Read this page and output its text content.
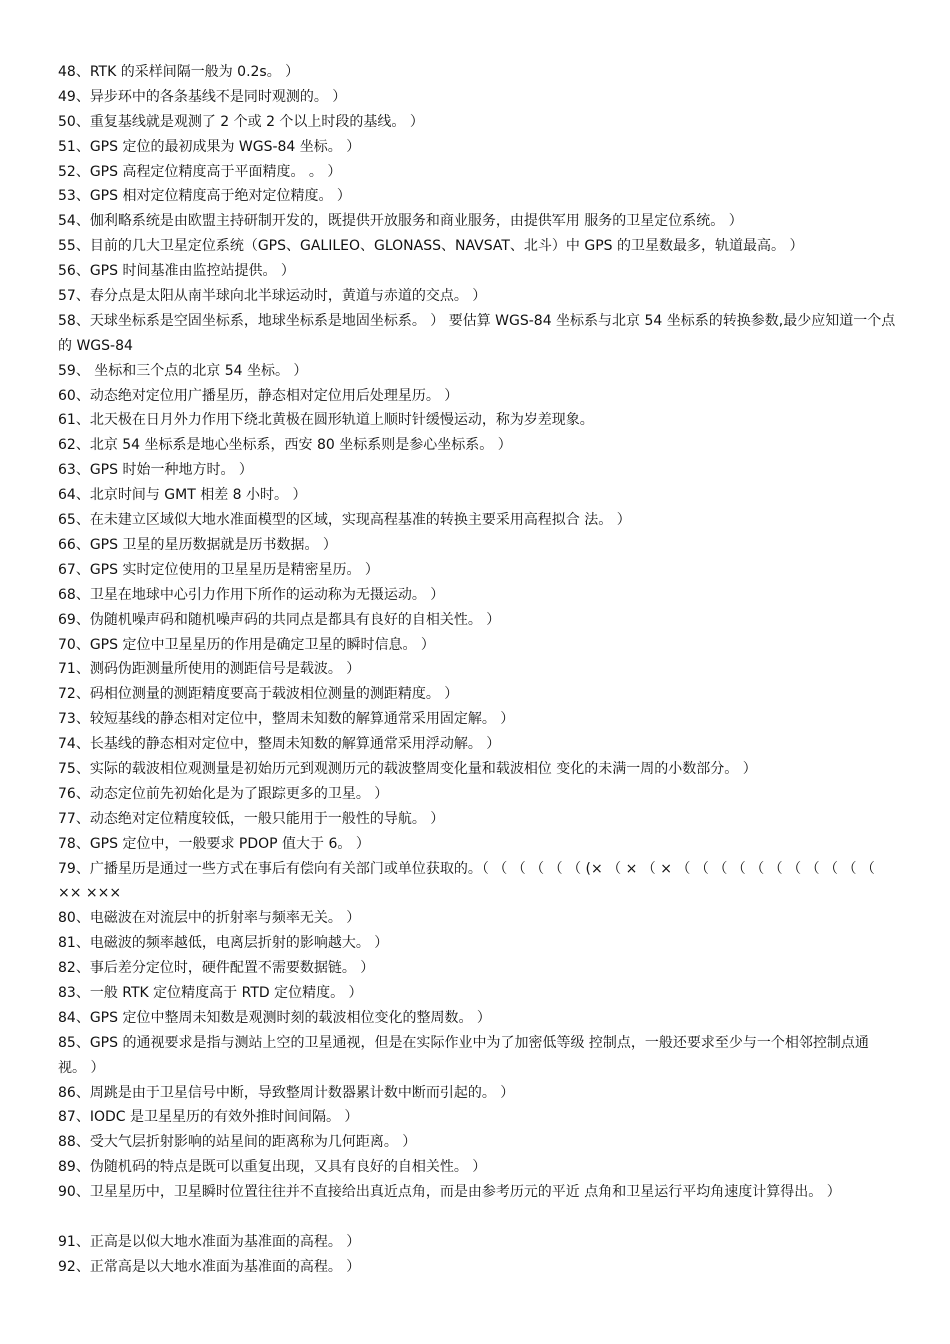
48、RTK 的采样间隔一般为 0.2s。 ）
49、异步环中的各条基线不是同时观测的。 ）
50、重复基线就是观测了 2 个或 2 个以上时段的基线。 ）
51、GPS 定位的最初成果为 WGS-84 坐标。 ）
52、GPS 高程定位精度高于平面精度。 。 ）
53、GPS 相对定位精度高于绝对定位精度。 ）
54、伽利略系统是由欧盟主持研制开发的，既提供开放服务和商业服务，由提供军用 服务的卫星定位系统。 ）
55、目前的几大卫星定位系统（GPS、GALILEO、GLONASS、NAVSAT、北斗）中 GPS 的卫星数最多，轨道最高。 ）
56、GPS 时间基准由监控站提供。 ）
57、春分点是太阳从南半球向北半球运动时，黄道与赤道的交点。 ）
58、天球坐标系是空固坐标系，地球坐标系是地固坐标系。 ） 要估算 WGS-84 坐标系与北京 54 坐标系的转换参数,最少应知道一个点的 WGS-84
59、 坐标和三个点的北京 54 坐标。 ）
60、动态绝对定位用广播星历，静态相对定位用后处理星历。 ）
61、北天极在日月外力作用下绕北黄极在圆形轨道上顺时针缓慢运动，称为岁差现象。
62、北京 54 坐标系是地心坐标系，西安 80 坐标系则是参心坐标系。 ）
63、GPS 时始一种地方时。 ）
64、北京时间与 GMT 相差 8 小时。 ）
65、在未建立区域似大地水准面模型的区域，实现高程基准的转换主要采用高程拟合 法。 ）
66、GPS 卫星的星历数据就是历书数据。 ）
67、GPS 实时定位使用的卫星星历是精密星历。 ）
68、卫星在地球中心引力作用下所作的运动称为无摄运动。 ）
69、伪随机噪声码和随机噪声码的共同点是都具有良好的自相关性。 ）
70、GPS 定位中卫星星历的作用是确定卫星的瞬时信息。 ）
71、测码伪距测量所使用的测距信号是载波。 ）
72、码相位测量的测距精度要高于载波相位测量的测距精度。 ）
73、较短基线的静态相对定位中，整周未知数的解算通常采用固定解。 ）
74、长基线的静态相对定位中，整周未知数的解算通常采用浮动解。 ）
75、实际的载波相位观测量是初始历元到观测历元的载波整周变化量和载波相位 变化的未满一周的小数部分。 ）
76、动态定位前先初始化是为了跟踪更多的卫星。 ）
77、动态绝对定位精度较低，一般只能用于一般性的导航。 ）
78、GPS 定位中，一般要求 PDOP 值大于 6。 ）
79、广播星历是通过一些方式在事后有偿向有关部门或单位获取的。（ （ （ （ （ （ (× （ × （ × （ （ （ （ （ （ （ （ （ （ （ ×× ×××
80、电磁波在对流层中的折射率与频率无关。 ）
81、电磁波的频率越低，电离层折射的影响越大。 ）
82、事后差分定位时，硬件配置不需要数据链。 ）
83、一般 RTK 定位精度高于 RTD 定位精度。 ）
84、GPS 定位中整周未知数是观测时刻的载波相位变化的整周数。 ）
85、GPS 的通视要求是指与测站上空的卫星通视，但是在实际作业中为了加密低等级 控制点，一般还要求至少与一个相邻控制点通视。 ）
86、周跳是由于卫星信号中断，导致整周计数器累计数中断而引起的。 ）
87、IODC 是卫星星历的有效外推时间间隔。 ）
88、受大气层折射影响的站星间的距离称为几何距离。 ）
89、伪随机码的特点是既可以重复出现，又具有良好的自相关性。 ）
90、卫星星历中，卫星瞬时位置往往并不直接给出真近点角，而是由参考历元的平近 点角和卫星运行平均角速度计算得出。 ）
91、正高是以似大地水准面为基准面的高程。 ）
92、正常高是以大地水准面为基准面的高程。 ）
